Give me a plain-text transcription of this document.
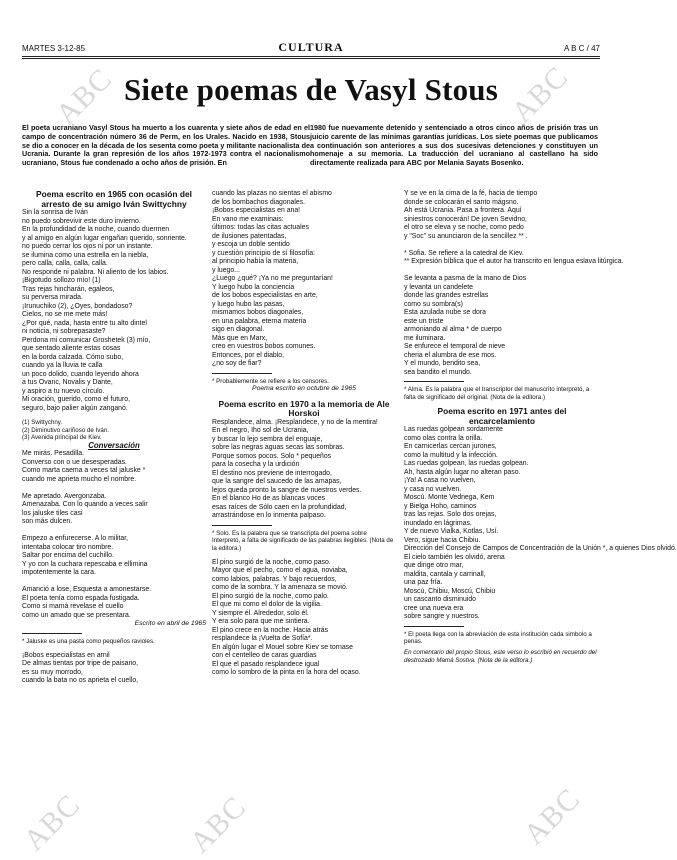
ABC	ABC
ABC	ABC
ABC
MARTES 3-12-85	CULTURA	A B C / 47
Siete poemas de Vasyl Stous

El poeta ucraniano Vasyl Stous ha muerto a los cuarenta y siete años de edad en el campo de concentración número 36 de Perm, en los Urales. Nacido en 1938, Stous se dio a conocer en la década de los sesenta como poeta y militante nacionalista de Ucrania. Durante la gran represión de los años 1972-1973 contra el nacionalismo ucraniano, Stous fue condenado a ocho años de prisión. En

1980 fue nuevamente detenido y sentenciado a otros cinco años de prisión tras un juicio carente de las mínimas garantías jurídicas. Los siete poemas que publicamos a continuación son anteriores a sus dos sucesivas detenciones y constituyen un homenaje a su memoria. La traducción del ucraniano al castellano ha sido directamente realizada para ABC por Melania Sayats Bosenko.

Poema escrito en 1965 con ocasión del arresto de su amigo Iván Swittychny

Sin la sonrisa de Iván
no puedo sobrevivir este duro invierno.
En la profundidad de la noche, cuando duermen
y al amigo en algún lugar engañan querido, sonriente.
no puedo cerrar los ojos ni por un instante.
se ilumina como una estrella en la niebla,
pero calla, calla, calla, calla.
No responde ni palabra. Ni aliento de los labios.
¡Bigotudo sollozo mío! (1)
Tras rejas hincharán, egaleos,
su perversa mirada.
¡Irunuchiko (2), ¿Oyes, bondadoso?
Cielos, no se me mete más!
¿Por qué, nada, hasta entre tu alto dintel
ni noticia, ni sobrepasaste?
Perdona mi comunicar Groshetek (3) mío,
que sentado aliente estas cosas
en la borda calzada. Cómo subo,
cuando ya la lluvia te calla
un poco dolido, cuando leyendo ahora
a tus Ovanc, Novalis y Dante,
y aspiro a tu nuevo círculo.
Mi oración, guerido, como el futuro,
seguro, bajo palier algún zanganó.
(1) Swittychny.
(2) Diminutivo cariñoso de Iván.
(3) Avenida principal de Kiev.

Conversación

Me mirás. Pesadilla.
Converso con o ue desesperadas.
Como marta caema a veces tal jaluske *
cuando me aprieta mucho el nombre.

Me apretado. Avergonzaba.
Amenazaba. Con lo quando a veces salir
los jaluske tiles casi
son más dulcen.

Empezo a enfurecerse. A lo militar,
intentaba colocar tiro nombre.
Saltar por encima del cuchillo.
Y yo con la cuchara repescaba e ellimina
impotentemente la cara.

Amanció a lose, Esquesta a amonestarse.
El poeta tenía como espada fustigada.
Como si mamá revelase el cuello
como un amado que se presentara.

Escrito en abril de 1965

* Jaluske es una pasta como pequeños ravioles.

¡Bobos especialistas en arnil
De almas tientas por tripe de paisano,
es su muy morrodo,
cuando la bata no os aprieta el cuello,
cuando las plazas no sientas el abismo
de los bombachos diagonales.
¡Bobos especialistas en ana!
En vano me examinais:
últimos: todas las citas actuales
de ilusiones patentadas,
y escoja un doble sentido
y cuestión principio de sí filosofía:
al principio había la materia,
y luego...
¿Luego ¿qué? ¡Ya no me preguntarían!
Y luego hubo la conciencia
de los bobos especialistas en arte,
y luego hubo las pasas,
mismamos bobos diagonales,
en una palabra, eterna materia
sigo en diagonal.
Más que en Marx,
creo en vuestros bobos comunes.
Entonces, por el diablo,
¿no soy de fiar?

* Probablemente se refiere a los censores.

Poema escrito en octubre de 1965

Poema escrito en 1970 a la memoria de Ale Horskoi

Resplandece, alma. ¡Resplandece, y no de la mentira!
En el negro, Iho sol de Ucrania,
y buscar lo lejo sembra del enguaje,
sobre las negras aguas secas las sombras.
Porque somos pocos. Solo * pequeños
para la cosecha y la urdición
El destino nos previene de interrogado,
que la sangre del saucedo de las amapas,
lejos queda pronto la sangre de nuestros verdes.
En el blanco Ho de as blancas voces
esas raíces de Sólo caen en la profundidad,
arrastrándose en lo inmenta palpaso.

* Solo. Es la palabra que se transcripta del poema sobre Interpretó, a falta de significado de las palabras ilegibles. (Nota de la editora.)

El pino surgió de la noche, como paso.
Mayor que el pecho, como el agua, noviaba,
como labios, palabras. Y bajo recuerdos,
como de la sombra. Y la amenaza se movió.
El pino surgió de la noche, como palo.
El que mi como el dolor de la vigilia.
Y siempre él. Alrededor, solo él.
Y era solo para que me sintiera.
El pino crece en la noche. Hacia atrás
resplandece la ¡Vuelta de Sofía*.
En algún lugar el Mouel sobre Kiev se tornase
con el centelleo de caras guardias
El que el pasado resplandece igual
como lo sombro de la pinta en la hora del ocaso.
Y se ve en la cima de la fé, hacia de tiempo
donde se colocarán el santo mágsno.
Ah está Ucrania. Pasa a frontera. Aquí
siniestros conocerán! De joven Sevidno,
el otro se eleva y se noche, como pedo
y "Soc" su anunciaron de la sencillez ** .

* Sofia. Se refiere a la catedral de Kiev.
** Expresión bíblica que el autor ha transcrito en lengua eslava litúrgica.

Se levanta a pasma de la mano de Dios
y levanta un candelete
donde las grandes estrellas
como su sombra(s)
Esta azulada nube se dora
este un triste
armoniando al alma * de cuerpo
me iluminara.
Se enfurece el temporal de nieve
cheria el alumbra de ese mos.
Y el mundo, bendito sea,
sea bandito el mundo.

* Alma. Es la palabra que el transcriptor del manuscrito interpretó, a falta de significado del original. (Nota de la editora.)

Poema escrito en 1971 antes del encarcelamiento

Las ruedas golpean sordamente
como olas contra la orilla.
En carnicerlas cercan jurones,
como la multitud y la infección.
Las ruedas golpean, las ruedas golpean.
Ah, hasta algún lugar no alteran paso.
¡Ya! A casa no vuelven,
y casa no vuelven.
Moscú. Monte Vednega, Kem
y Bielga Hoho, caminos
tras las rejas. Solo dos orejas,
inundado en lágrimas.
Y de nuevo Vialka, Kotlas, Usí.
Vero, sigue hacia Chibiu.
Dirección del Consejo de Campos de Concentración de la Unión *, a quienes Dios olvidó.
El cielo también les olvidó, arena
que dirige otro mar,
maldita, cantala y carrinall,
una paz fría.
Moscú, Chibiu, Moscú, Chibiu
un cascanto disminuido
cree una nueva era
sobre sangre y nuestros.

* El poeta llega con la abreviación de esta institución cada simbolo a penas.

En comentario del propio Stous, este verso lo escribió en recuerdo del destrozado Mamá Sostva. (Nota de la editora.)
